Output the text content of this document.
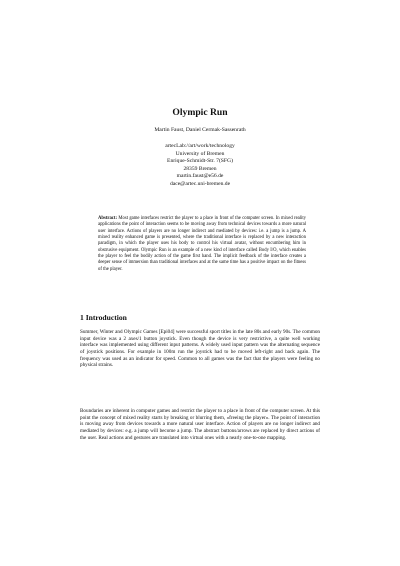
Olympic Run
Martin Faust, Daniel Cermak-Sassenrath
artecLab://art/work/technology
University of Bremen
Enrique-Schmidt-Str. 7(SFG)
28359 Bremen
martin.faust@e56.de
dace@artec.uni-bremen.de
Abstract: Most game interfaces restrict the player to a place in front of the computer screen. In mixed reality applications the point of interaction seems to be moving away from technical devices towards a more natural user interface. Actions of players are no longer indirect and mediated by devices: i.e. a jump is a jump. A mixed reality enhanced game is presented, where the traditional interface is replaced by a new interaction paradigm, in which the player uses his body to control his virtual avatar, without encumbering him in obstrusive equipment. Olympic Run is an example of a new kind of interface called Body I/O, which enables the player to feel the bodily action of the game first hand. The implicit feedback of the interface creates a deeper sense of immersion than traditional interfaces and at the same time has a positive impact on the fitness of the player.
1 Introduction
Summer, Winter and Olympic Games [Epi04] were successful sport titles in the late 80s and early 90s. The common input device was a 2 axes/1 button joystick. Even though the device is very restrictive, a quite well working interface was implemented using different input patterns. A widely used input pattern was the alternating sequence of joystick positions. For example in 100m run the joystick had to be moved left-right and back again. The frequency was used as an indicator for speed. Common to all games was the fact that the players were feeling no physical strains.
Boundaries are inherent in computer games and restrict the player to a place in front of the computer screen. At this point the concept of mixed reality starts by breaking or blurring them, «freeing the player». The point of interaction is moving away from devices towards a more natural user interface. Action of players are no longer indirect and mediated by devices: e.g. a jump will become a jump. The abstract buttons/arrows are replaced by direct actions of the user. Real actions and gestures are translated into virtual ones with a nearly one-to-one mapping.
